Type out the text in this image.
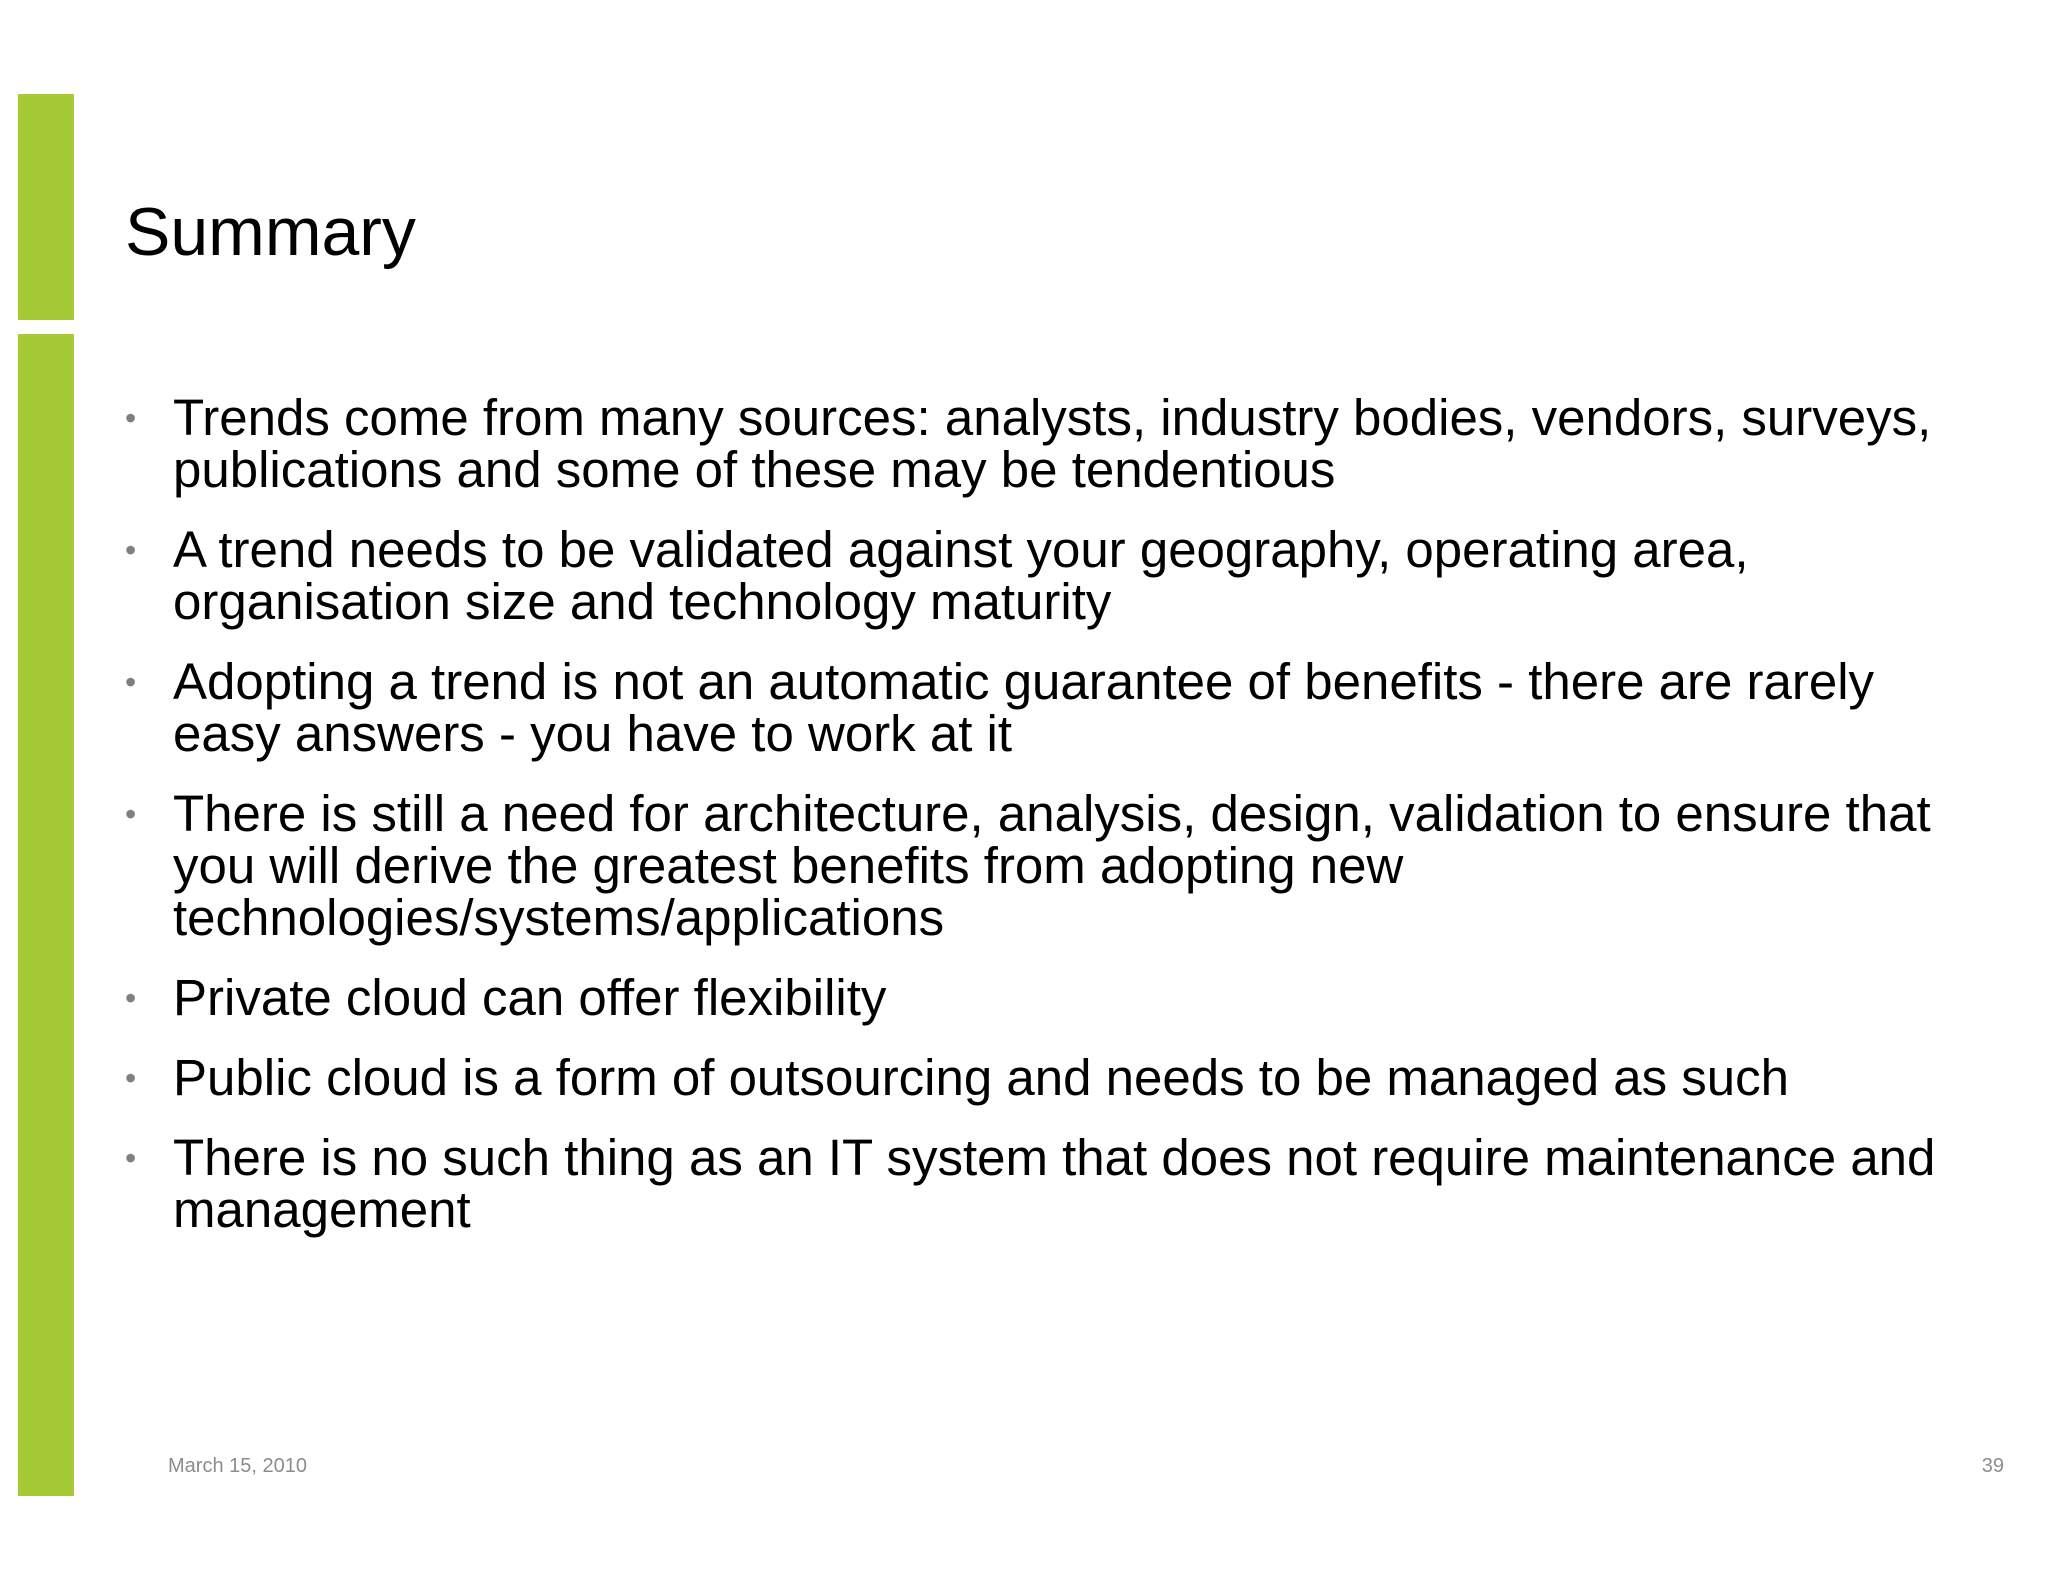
Summary
• Trends come from many sources: analysts, industry bodies, vendors, surveys, publications and some of these may be tendentious
• A trend needs to be validated against your geography, operating area, organisation size and technology maturity
• Adopting a trend is not an automatic guarantee of benefits - there are rarely easy answers - you have to work at it
• There is still a need for architecture, analysis, design, validation to ensure that you will derive the greatest benefits from adopting new technologies/systems/applications
• Private cloud can offer flexibility
• Public cloud is a form of outsourcing and needs to be managed as such
• There is no such thing as an IT system that does not require maintenance and management
March 15, 2010	39
